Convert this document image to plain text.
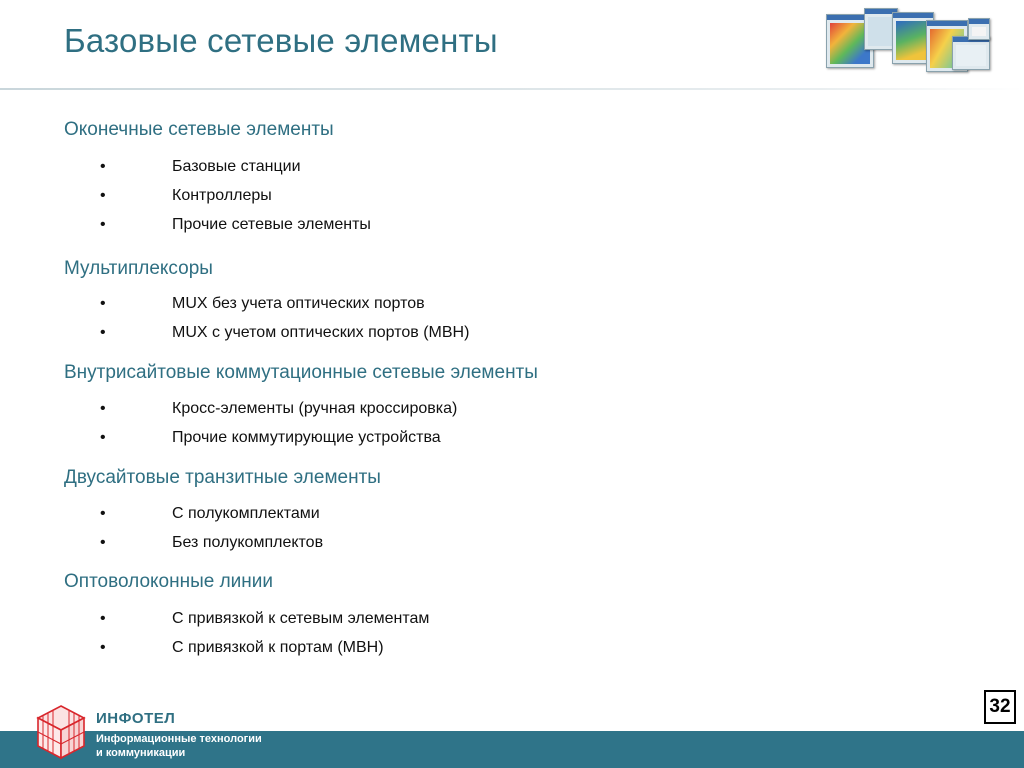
Базовые сетевые элементы
Оконечные сетевые элементы
•	Базовые станции
•	Контроллеры
•	Прочие сетевые элементы
Мультиплексоры
•	MUX без учета оптических портов
•	MUX с учетом оптических портов (МВН)
Внутрисайтовые коммутационные сетевые элементы
•	Кросс-элементы (ручная кроссировка)
•	Прочие коммутирующие устройства
Двусайтовые транзитные элементы
•	С полукомплектами
•	Без полукомплектов
Оптоволоконные линии
•	С привязкой к сетевым элементам
•	С привязкой к портам (МВН)
32
ИНФОТЕЛ
Информационные технологии
и коммуникации
